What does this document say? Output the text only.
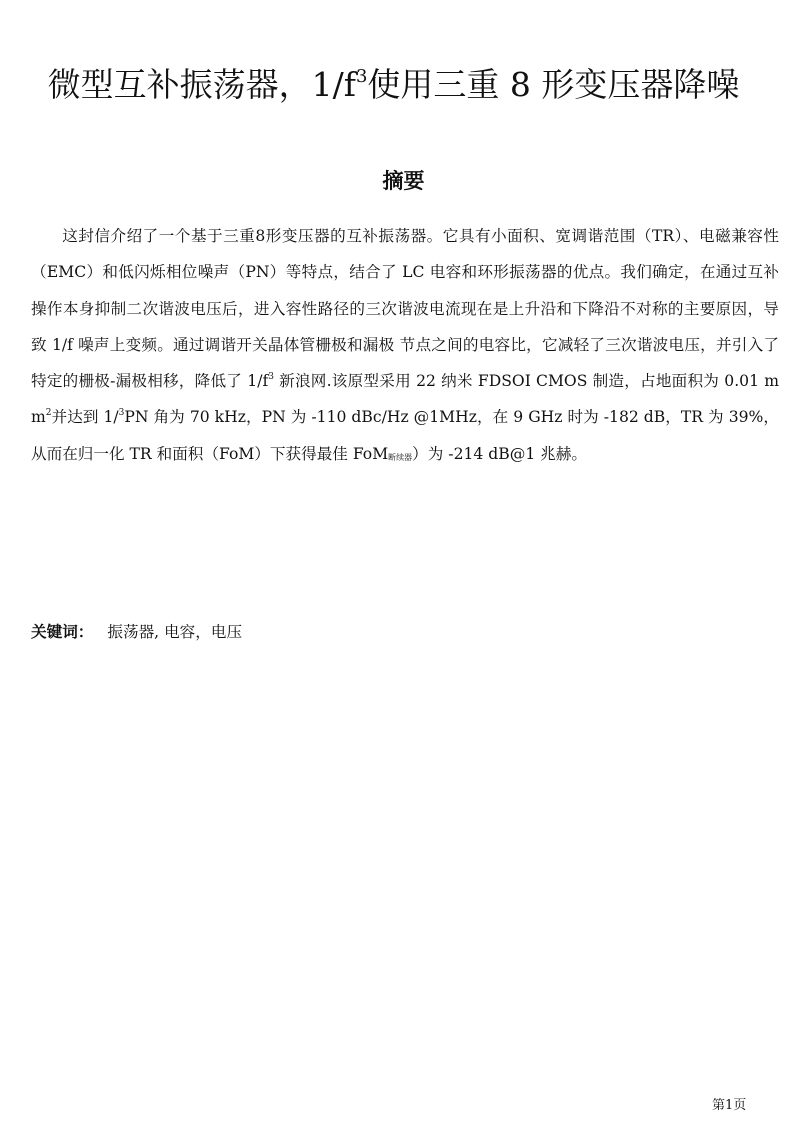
微型互补振荡器，$1/f^3$使用三重 8 形变压器降噪
摘要
这封信介绍了一个基于三重8形变压器的互补振荡器。它具有小面积、宽调谐范围（TR）、电磁兼容性（EMC）和低闪烁相位噪声（PN）等特点，结合了 LC 电容和环形振荡器的优点。我们确定，在通过互补操作本身抑制二次谐波电压后，进入容性路径的三次谐波电流现在是上升沿和下降沿不对称的主要原因，导致 1/f 噪声上变频。通过调谐开关晶体管栅极和漏极 节点之间的电容比，它减轻了三次谐波电压，并引入了特定的栅极-漏极相移，降低了 $1/f^3$ 新浪网.该原型采用 22 纳米 FDSOI CMOS 制造，占地面积为 0.01 $mm^2$并达到 1/$^3$PN 角为 70 kHz，PN 为 -110 dBc/Hz @1MHz，在 9 GHz 时为 -182 dB，TR 为 39%，从而在归一化 TR 和面积（FoM）下获得最佳 FoM断续器）为 -214 dB@1 兆赫。
关键词： 振荡器, 电容，电压
第1页
